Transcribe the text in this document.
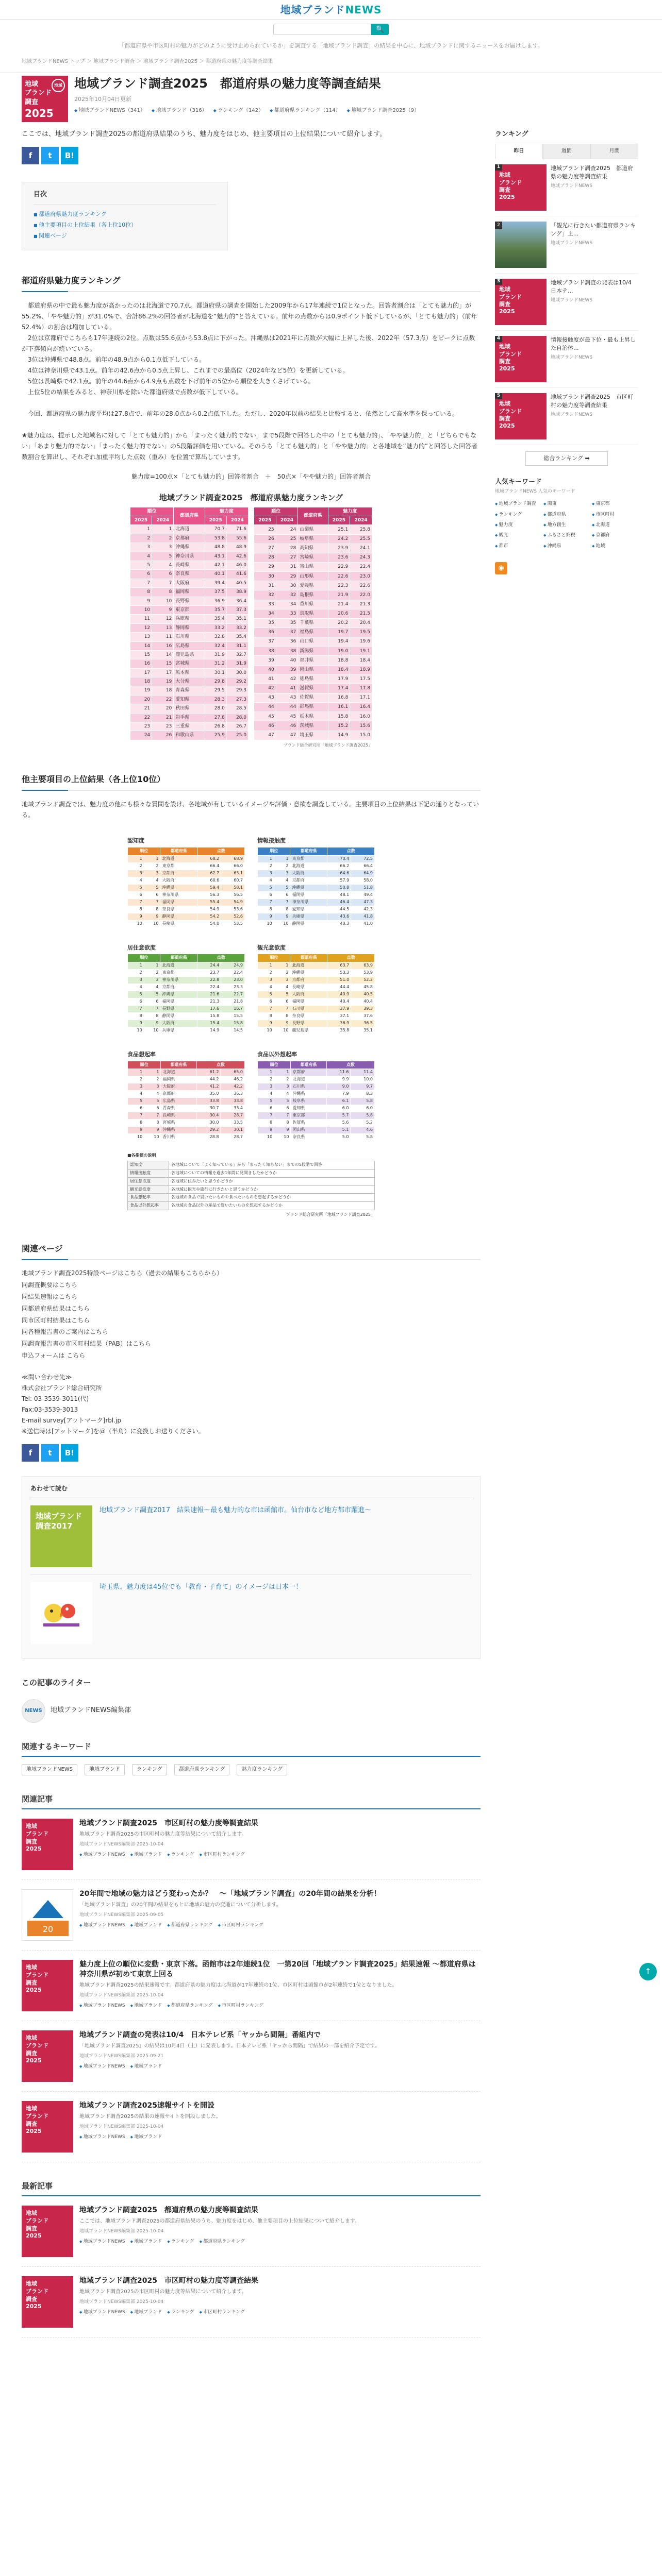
地域ブランドNEWS
🔍
「都道府県や市区町村の魅力がどのように受け止められているか」を調査する「地域ブランド調査」の結果を中心に、地域ブランドに関するニュースをお届けします。
地域ブランドNEWS トップ ＞ 地域ブランド調査 ＞ 地域ブランド調査2025 ＞ 都道府県の魅力度等調査結果
地域
地域
ブランド
調査
2025
地域ブランド調査2025　都道府県の魅力度等調査結果
2025年10月04日更新
◆ 地域ブランドNEWS（341）	◆ 地域ブランド（316）	◆ ランキング（142）	◆ 都道府県ランキング（114）	◆ 地域ブランド調査2025（9）

ここでは、地域ブランド調査2025の都道府県結果のうち、魅力度をはじめ、他主要項目の上位結果について紹介します。

f	t	B!
目次
■ 都道府県魅力度ランキング
■ 他主要項目の上位結果（各上位10位）
■ 関連ページ
都道府県魅力度ランキング

　都道府県の中で最も魅力度が高かったのは北海道で70.7点。都道府県の調査を開始した2009年から17年連続で1位となった。回答者割合は「とても魅力的」が55.2%、「やや魅力的」が31.0%で、合計86.2%の回答者が北海道を“魅力的”と答えている。前年の点数からは0.9ポイント低下しているが、「とても魅力的」（前年52.4%）の割合は増加している。

　2位は京都府でこちらも17年連続の2位。点数は55.6点から53.8点に下がった。沖縄県は2021年に点数が大幅に上昇した後、2022年（57.3点）をピークに点数が下落傾向が続いている。

　3位は沖縄県で48.8点。前年の48.9点から0.1点低下している。

　4位は神奈川県で43.1点。前年の42.6点から0.5点上昇し、これまでの最高位（2024年など5位）を更新している。

　5位は長崎県で42.1点。前年の44.6点から4.9点も点数を下げ前年の5位から順位を大きくさげている。

　上位5位の結果をみると、神奈川県を除いた都道府県で点数が低下している。

　今回、都道府県の魅力度平均は27.8点で、前年の28.0点から0.2点低下した。ただし、2020年以前の結果と比較すると、依然として高水準を保っている。

★魅力度は、提示した地域名に対して「とても魅力的」から「まったく魅力的でない」まで5段階で回答した中の「とても魅力的」、「やや魅力的」と「どちらでもない」「あまり魅力的でない」「まったく魅力的でない」の5段階評価を用いている。そのうち「とても魅力的」と「やや魅力的」と各地域を“魅力的”と回答した回答者数割合を算出し、それぞれ加重平均した点数（重み）を位置で算出しています。

魅力度=100点×「とても魅力的」回答者割合　＋　50点×「やや魅力的」回答者割合
地域ブランド調査2025　都道府県魅力度ランキング
順位		都道府県	魅力度	
2025	2024		2025	2024
1	1	北海道	70.7	71.6
2	2	京都府	53.8	55.6
3	3	沖縄県	48.8	48.9
4	5	神奈川県	43.1	42.6
5	4	長崎県	42.1	46.0
6	6	奈良県	40.1	41.6
7	7	大阪府	39.4	40.5
8	8	福岡県	37.5	38.9
9	10	長野県	36.9	36.4
10	9	東京都	35.7	37.3
11	12	兵庫県	35.4	35.1
12	13	静岡県	33.2	33.2
13	11	石川県	32.8	35.4
14	16	広島県	32.4	31.1
15	14	鹿児島県	31.9	32.7
16	15	宮城県	31.2	31.9
17	17	熊本県	30.1	30.0
18	19	大分県	29.8	29.2
19	18	青森県	29.5	29.3
20	22	愛知県	28.3	27.3
21	20	秋田県	28.0	28.5
22	21	岩手県	27.8	28.0
23	23	三重県	26.8	26.7
24	26	和歌山県	25.9	25.0
順位		都道府県	魅力度	
2025	2024		2025	2024
25	24	山梨県	25.1	25.8
26	25	岐阜県	24.2	25.5
27	28	高知県	23.9	24.1
28	27	宮崎県	23.6	24.3
29	31	富山県	22.9	22.4
30	29	山形県	22.6	23.0
31	30	愛媛県	22.3	22.6
32	32	島根県	21.9	22.0
33	34	香川県	21.4	21.3
34	33	鳥取県	20.6	21.5
35	35	千葉県	20.2	20.4
36	37	福島県	19.7	19.5
37	36	山口県	19.4	19.6
38	38	新潟県	19.0	19.1
39	40	福井県	18.8	18.4
40	39	岡山県	18.4	18.9
41	42	徳島県	17.9	17.5
42	41	滋賀県	17.4	17.8
43	43	佐賀県	16.8	17.1
44	44	群馬県	16.1	16.4
45	45	栃木県	15.8	16.0
46	46	茨城県	15.2	15.6
47	47	埼玉県	14.9	15.0
ブランド総合研究所「地域ブランド調査2025」
他主要項目の上位結果（各上位10位）

地域ブランド調査では、魅力度の他にも様々な質問を設け、各地域が有しているイメージや評価・意欲を調査している。主要項目の上位結果は下記の通りとなっている。

認知度
順位		都道府県	点数	
1	1	北海道	68.2	68.9
2	2	東京都	66.4	66.0
3	3	京都府	62.7	63.1
4	4	大阪府	60.6	60.7
5	5	沖縄県	59.4	58.1
6	6	神奈川県	56.3	56.5
7	7	福岡県	55.4	54.9
8	8	奈良県	54.9	53.6
9	9	静岡県	54.2	52.6
10	10	長崎県	54.0	53.5
情報接触度
順位		都道府県	点数	
1	1	東京都	70.4	72.5
2	2	北海道	66.2	66.4
3	3	大阪府	64.6	64.9
4	4	京都府	57.9	58.0
5	5	沖縄県	50.8	51.8
6	6	福岡県	48.1	49.4
7	7	神奈川県	46.4	47.3
8	8	愛知県	44.5	42.3
9	9	兵庫県	43.6	41.8
10	10	静岡県	40.3	41.0
居住意欲度
順位		都道府県	点数	
1	1	北海道	24.4	24.9
2	2	東京都	23.7	22.4
3	3	神奈川県	22.8	23.0
4	4	京都府	22.4	23.3
5	5	沖縄県	21.6	22.7
6	6	福岡県	21.3	21.8
7	7	長野県	17.6	16.7
8	8	静岡県	15.8	15.5
9	9	大阪府	15.4	15.8
10	10	兵庫県	14.9	14.5
観光意欲度
順位		都道府県	点数	
1	1	北海道	63.7	63.9
2	2	沖縄県	53.3	53.9
3	3	京都府	51.0	52.2
4	4	長崎県	44.4	45.8
5	5	大阪府	40.9	40.5
6	6	福岡県	40.4	40.4
7	7	石川県	37.9	39.3
8	8	奈良県	37.1	37.6
9	9	長野県	36.9	36.5
10	10	鹿児島県	35.8	35.1
食品想起率
順位		都道府県	点数	
1	1	北海道	61.2	65.0
2	2	福岡県	44.2	46.2
3	3	大阪府	41.2	42.2
4	4	京都府	35.0	36.3
5	5	広島県	33.8	33.8
6	6	青森県	30.7	33.4
7	7	長崎県	30.4	28.7
8	8	宮城県	30.0	33.5
9	9	沖縄県	29.2	30.1
10	10	香川県	28.8	28.7
食品以外想起率
順位		都道府県	点数	
1	1	京都府	11.6	11.4
2	2	北海道	9.9	10.0
3	3	石川県	9.0	9.7
4	4	沖縄県	7.9	8.3
5	5	岐阜県	6.1	5.8
6	6	愛知県	6.0	6.0
7	7	東京都	5.7	5.8
8	8	佐賀県	5.6	5.2
9	9	岡山県	5.1	4.6
10	10	奈良県	5.0	5.8
■各指標の説明
認知度	各地域について「よく知っている」から「まったく知らない」までの5段階で回答
情報接触度	各地域についての情報を過去1年間に見聞きしたかどうか
居住意欲度	各地域に住みたいと思うかどうか
観光意欲度	各地域に観光や旅行に行きたいと思うかどうか
食品想起率	各地域の食品で買いたいものや食べたいものを想起するかどうか
食品以外想起率	各地域の食品以外の産品で買いたいものを想起するかどうか
ブランド総合研究所「地域ブランド調査2025」
関連ページ
地域ブランド調査2025特設ページはこちら（過去の結果もこちらから）
同調査概要はこちら
同結果速報はこちら
同都道府県結果はこちら
同市区町村結果はこちら
同各種報告書のご案内はこちら
同調査報告書の市区町村結果（PAB）はこちら
申込フォームは こちら
≪問い合わせ先≫
株式会社ブランド総合研究所
Tel: 03-3539-3011(代)
Fax:03-3539-3013
E-mail survey[アットマーク]rbl.jp
※送信時は[アットマーク]を＠（半角）に変換しお送りください。
f	t	B!
あわせて読む
地域ブランド調査2017
地域ブランド調査2017　結果速報～最も魅力的な市は函館市。仙台市など地方都市躍進～
埼玉県、魅力度は45位でも「教育・子育て」のイメージは日本一！
この記事のライター
NEWS	地域ブランドNEWS編集部
関連するキーワード
地域ブランドNEWS	地域ブランド	ランキング	都道府県ランキング	魅力度ランキング
関連記事
地域
ブランド
調査
2025
地域ブランド調査2025　市区町村の魅力度等調査結果
地域ブランド調査2025の市区町村の魅力度等結果について紹介します。
地域ブランドNEWS編集部 2025-10-04
◆ 地域ブランドNEWS	◆ 地域ブランド	◆ ランキング	◆ 市区町村ランキング
20
20年間で地域の魅力はどう変わったか？　～「地域ブランド調査」の20年間の結果を分析！
「地域ブランド調査」の20年間の結果をもとに地域の魅力の変遷について分析します。
地域ブランドNEWS編集部 2025-09-05
◆ 地域ブランドNEWS	◆ 地域ブランド	◆ 都道府県ランキング	◆ 市区町村ランキング
地域
ブランド
調査
2025
魅力度上位の順位に変動・東京下落。函館市は2年連続1位　一第20回「地域ブランド調査2025」結果速報 ～都道府県は神奈川県が初めて東京上回る
地域ブランド調査2025の結果速報です。都道府県の魅力度は北海道が17年連続の1位、市区町村は函館市が2年連続で1位となりました。
地域ブランドNEWS編集部 2025-10-04
◆ 地域ブランドNEWS	◆ 地域ブランド	◆ 都道府県ランキング	◆ 市区町村ランキング
地域
ブランド
調査
2025
地域ブランド調査の発表は10/4　日本テレビ系「ヤッから間隔」番組内で
「地域ブランド調査2025」の結果は10月4日（土）に発表します。日本テレビ系「ヤッから間隔」で結果の一部を紹介予定です。
地域ブランドNEWS編集部 2025-09-21
◆ 地域ブランドNEWS	◆ 地域ブランド
地域
ブランド
調査
2025
地域ブランド調査2025速報サイトを開設
地域ブランド調査2025の結果の速報サイトを開設しました。
地域ブランドNEWS編集部 2025-10-04
◆ 地域ブランドNEWS	◆ 地域ブランド
最新記事
地域
ブランド
調査
2025
地域ブランド調査2025　都道府県の魅力度等調査結果
ここでは、地域ブランド調査2025の都道府県結果のうち、魅力度をはじめ、他主要項目の上位結果について紹介します。
地域ブランドNEWS編集部 2025-10-04
◆ 地域ブランドNEWS	◆ 地域ブランド	◆ ランキング	◆ 都道府県ランキング
地域
ブランド
調査
2025
地域ブランド調査2025　市区町村の魅力度等調査結果
地域ブランド調査2025の市区町村の魅力度等結果について紹介します。
地域ブランドNEWS編集部 2025-10-04
◆ 地域ブランドNEWS	◆ 地域ブランド	◆ ランキング	◆ 市区町村ランキング
ランキング
昨日	週間	月間
地域
ブランド
調査
2025
1	地域ブランド調査2025　都道府県の魅力度等調査結果
地域ブランドNEWS
2	「観光に行きたい都道府県ランキング」上...
地域ブランドNEWS
地域
ブランド
調査
2025
3	地域ブランド調査の発表は10/4　日本テ...
地域ブランドNEWS
地域
ブランド
調査
2025
4	情報接触度が最下位・最も上昇した自治体...
地域ブランドNEWS
地域
ブランド
調査
2025
5	地域ブランド調査2025　市区町村の魅力度等調査結果
地域ブランドNEWS
総合ランキング ➡
人気キーワード
地域ブランドNEWS 人気のキーワード
◆ 地域ブランド調査	◆ 関東	◆ 東京都
◆ ランキング	◆ 都道府県	◆ 市区町村
◆ 魅力度	◆ 地方創生	◆ 北海道
◆ 観光	◆ ふるさと納税	◆ 京都府
◆ 都市	◆ 沖縄県	◆ 地域
◉
↑
